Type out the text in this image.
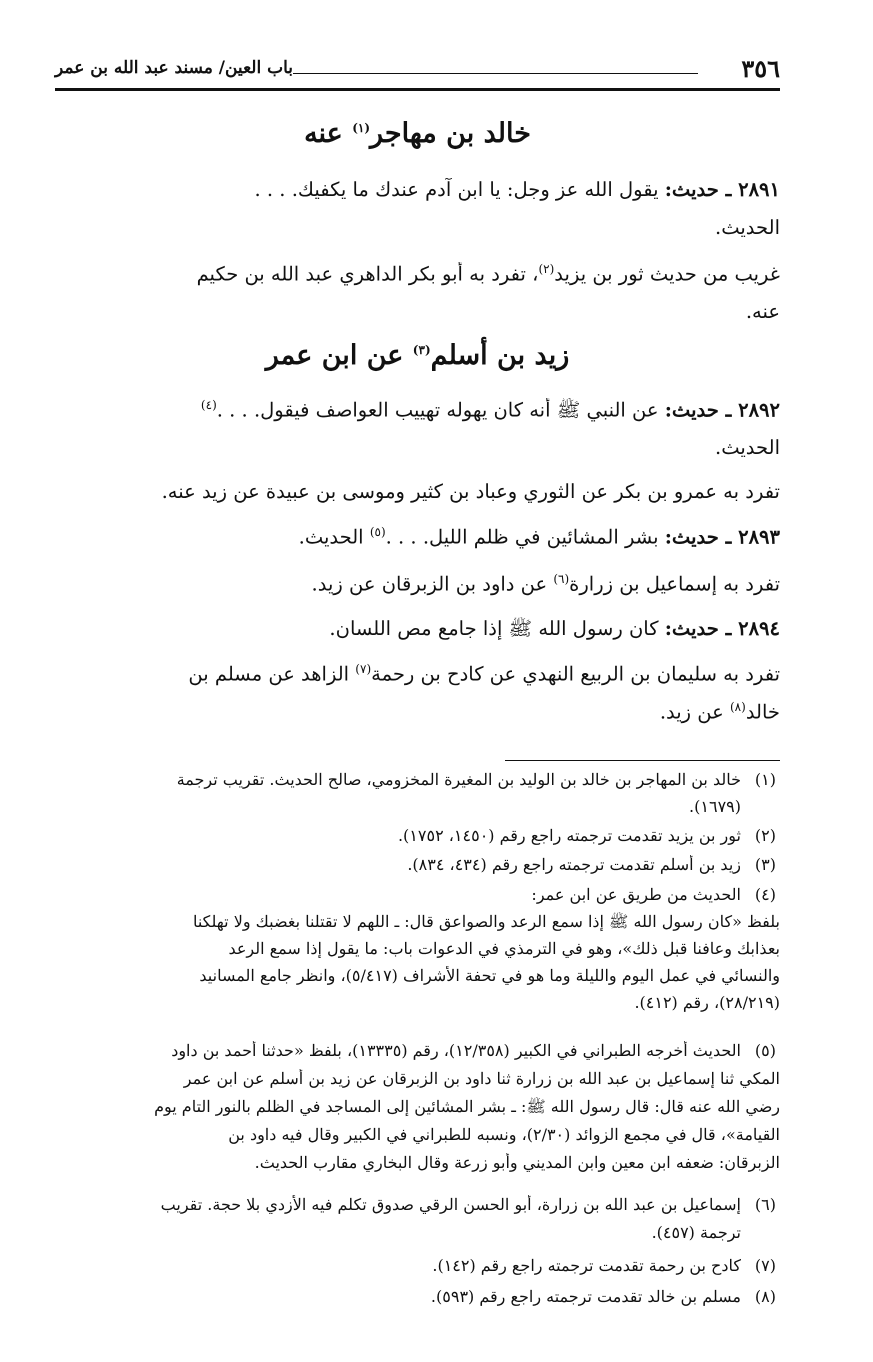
٣٥٦
باب العين/ مسند عبد الله بن عمر
خالد بن مهاجر$^{(١)}$ عنه

٢٨٩١ ـ حديث: يقول الله عز وجل: يا ابن آدم عندك ما يكفيك. . . .

الحديث.

غريب من حديث ثور بن يزيد$^{(٢)}$، تفرد به أبو بكر الداهري عبد الله بن حكيم

عنه.

زيد بن أسلم$^{(٣)}$ عن ابن عمر

٢٨٩٢ ـ حديث: عن النبي ﷺ أنه كان يهوله تهييب العواصف فيقول. . . .$^{(٤)}$

الحديث.

تفرد به عمرو بن بكر عن الثوري وعباد بن كثير وموسى بن عبيدة عن زيد عنه.

٢٨٩٣ ـ حديث: بشر المشائين في ظلم الليل. . . .$^{(٥)}$ الحديث.

تفرد به إسماعيل بن زرارة$^{(٦)}$ عن داود بن الزبرقان عن زيد.

٢٨٩٤ ـ حديث: كان رسول الله ﷺ إذا جامع مص اللسان.

تفرد به سليمان بن الربيع النهدي عن كادح بن رحمة$^{(٧)}$ الزاهد عن مسلم بن

خالد$^{(٨)}$ عن زيد.

(١)

خالد بن المهاجر بن خالد بن الوليد بن المغيرة المخزومي، صالح الحديث. تقريب ترجمة

(١٦٧٩).

(٢)

ثور بن يزيد تقدمت ترجمته راجع رقم (١٤٥٠، ١٧٥٢).

(٣)

زيد بن أسلم تقدمت ترجمته راجع رقم (٤٣٤، ٨٣٤).

(٤)

الحديث من طريق عن ابن عمر:

بلفظ «كان رسول الله ﷺ إذا سمع الرعد والصواعق قال: ـ اللهم لا تقتلنا بغضبك ولا تهلكنا

بعذابك وعافنا قبل ذلك»، وهو في الترمذي في الدعوات باب: ما يقول إذا سمع الرعد

والنسائي في عمل اليوم والليلة وما هو في تحفة الأشراف (٥/٤١٧)، وانظر جامع المسانيد

(٢٨/٢١٩)، رقم (٤١٢).

(٥)

الحديث أخرجه الطبراني في الكبير (١٢/٣٥٨)، رقم (١٣٣٣٥)، بلفظ «حدثنا أحمد بن داود

المكي ثنا إسماعيل بن عبد الله بن زرارة ثنا داود بن الزبرقان عن زيد بن أسلم عن ابن عمر

رضي الله عنه قال: قال رسول الله ﷺ: ـ بشر المشائين إلى المساجد في الظلم بالنور التام يوم

القيامة»، قال في مجمع الزوائد (٢/٣٠)، ونسبه للطبراني في الكبير وقال فيه داود بن

الزبرقان: ضعفه ابن معين وابن المديني وأبو زرعة وقال البخاري مقارب الحديث.

(٦)

إسماعيل بن عبد الله بن زرارة، أبو الحسن الرقي صدوق تكلم فيه الأزدي بلا حجة. تقريب

ترجمة (٤٥٧).

(٧)

كادح بن رحمة تقدمت ترجمته راجع رقم (١٤٢).

(٨)

مسلم بن خالد تقدمت ترجمته راجع رقم (٥٩٣).
